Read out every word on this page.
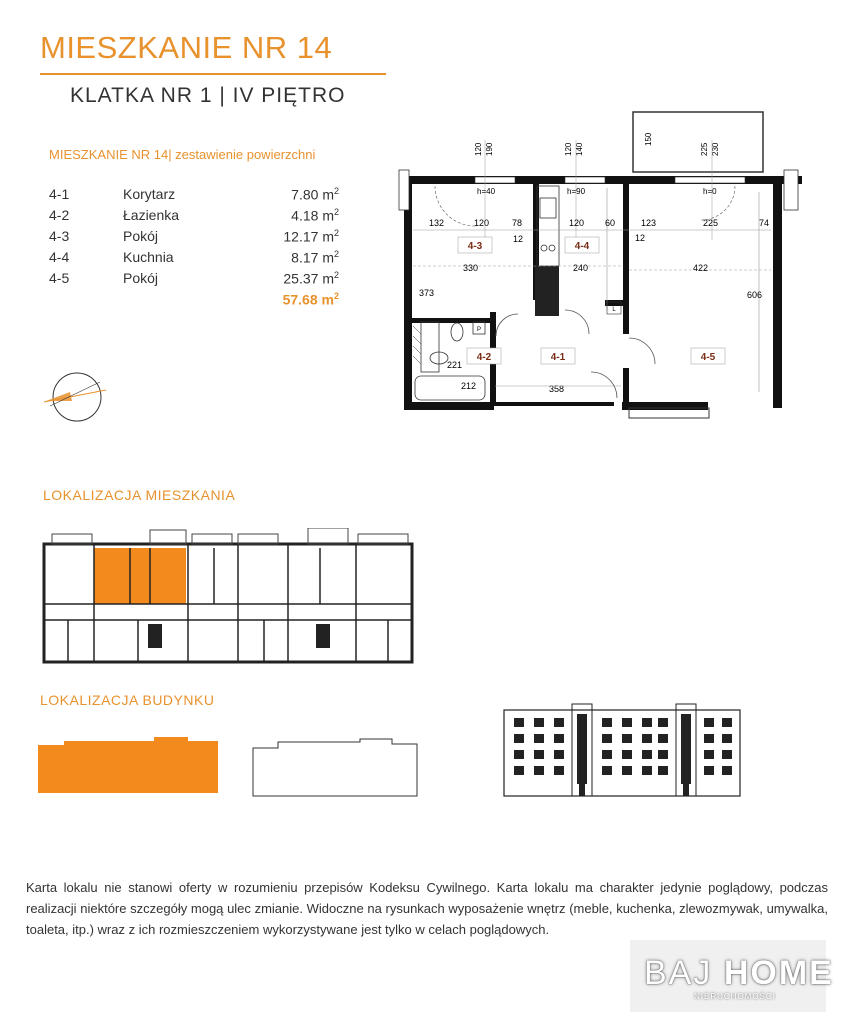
MIESZKANIE NR 14
KLATKA NR 1 | IV PIĘTRO
MIESZKANIE NR 14| zestawienie powierzchni
4-1	Korytarz	7.80 $m^2$
4-2	Łazienka	4.18 $m^2$
4-3	Pokój	12.17 $m^2$
4-4	Kuchnia	8.17 $m^2$
4-5	Pokój	25.37 $m^2$
57.68 $m^2$
P
L
120 190	120 140
150
225 230
h=40	h=90	h=0
132	120	78	120 60	123	225	74
12	12
4-3	4-4
4-2	4-1	4-5
330	240	422
373	606
221
212	358
LOKALIZACJA MIESZKANIA
LOKALIZACJA BUDYNKU
Karta lokalu nie stanowi oferty w rozumieniu przepisów Kodeksu Cywilnego. Karta lokalu ma charakter jedynie poglądowy, podczas realizacji niektóre szczegóły mogą ulec zmianie. Widoczne na rysunkach wyposażenie wnętrz (meble, kuchenka, zlewozmywak, umywalka, toaleta, itp.) wraz z ich rozmieszczeniem wykorzystywane jest tylko w celach poglądowych.
BAJ HOME
NIERUCHOMOŚCI
